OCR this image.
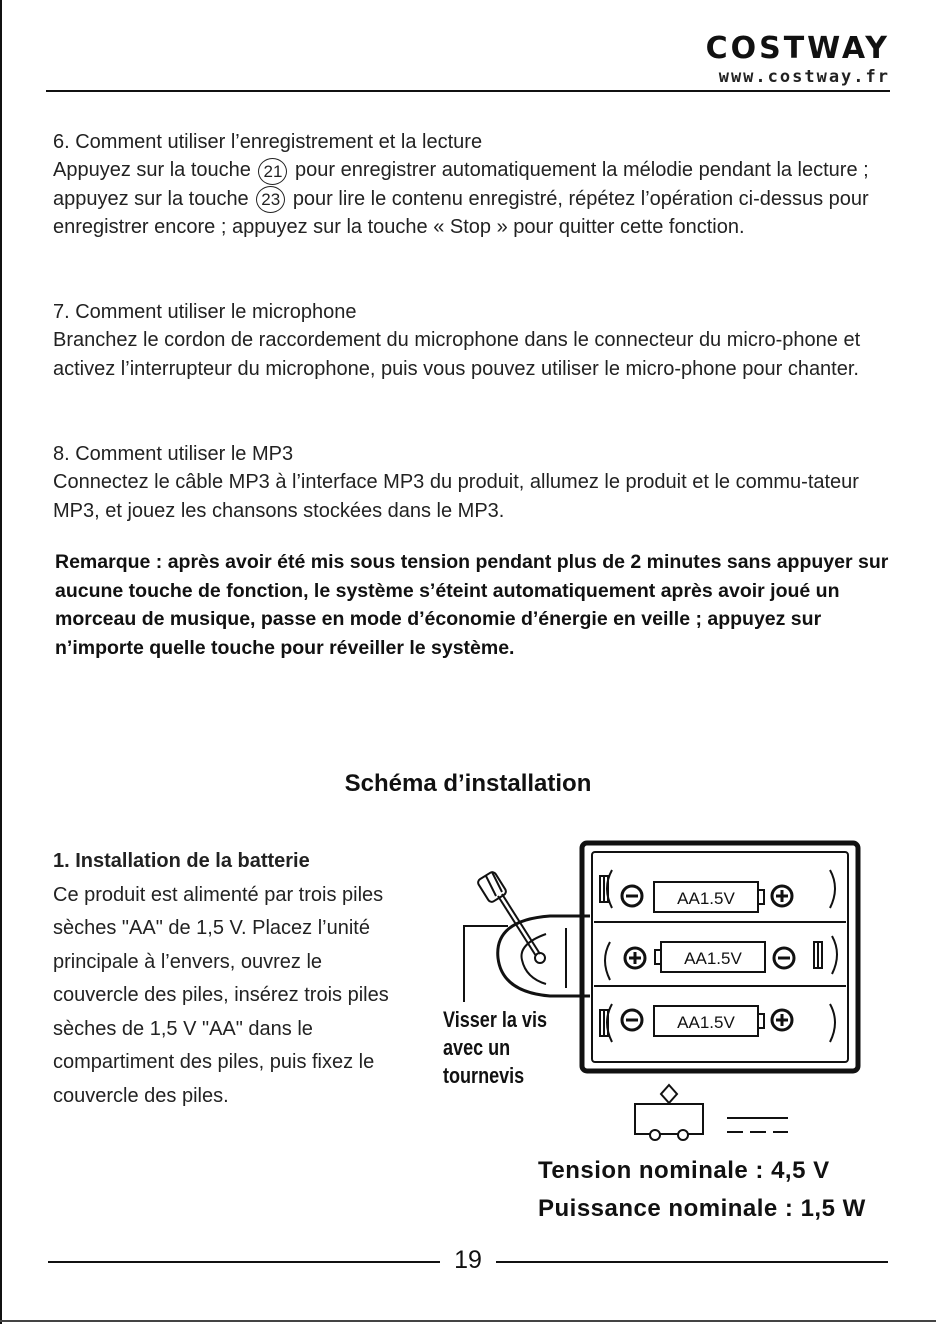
COSTWAY
www.costway.fr

6. Comment utiliser l’enregistrement et la lecture

Appuyez sur la touche 21 pour enregistrer automatiquement la mélodie pendant la lecture ; appuyez sur la touche 23 pour lire le contenu enregistré, répétez l’opération ci-dessus pour enregistrer encore ; appuyez sur la touche « Stop » pour quitter cette fonction.

7. Comment utiliser le microphone

Branchez le cordon de raccordement du microphone dans le connecteur du micro-phone et activez l’interrupteur du microphone, puis vous pouvez utiliser le micro-phone pour chanter.

8. Comment utiliser le MP3

Connectez le câble MP3 à l’interface MP3 du produit, allumez le produit et le commu-tateur MP3, et jouez les chansons stockées dans le MP3.

Remarque : après avoir été mis sous tension pendant plus de 2 minutes sans appuyer sur aucune touche de fonction, le système s’éteint automatiquement après avoir joué un morceau de musique, passe en mode d’économie d’énergie en veille ; appuyez sur n’importe quelle touche pour réveiller le système.
Schéma d’installation
1. Installation de la batterie
Ce produit est alimenté par trois piles sèches "AA" de 1,5 V. Placez l’unité principale à l’envers, ouvrez le couvercle des piles, insérez trois piles sèches de 1,5 V "AA" dans le compartiment des piles, puis fixez le couvercle des piles.
AA1.5V
AA1.5V
AA1.5V
Visser la vis
avec un
tournevis
Tension nominale : 4,5 V
Puissance nominale : 1,5 W
19
